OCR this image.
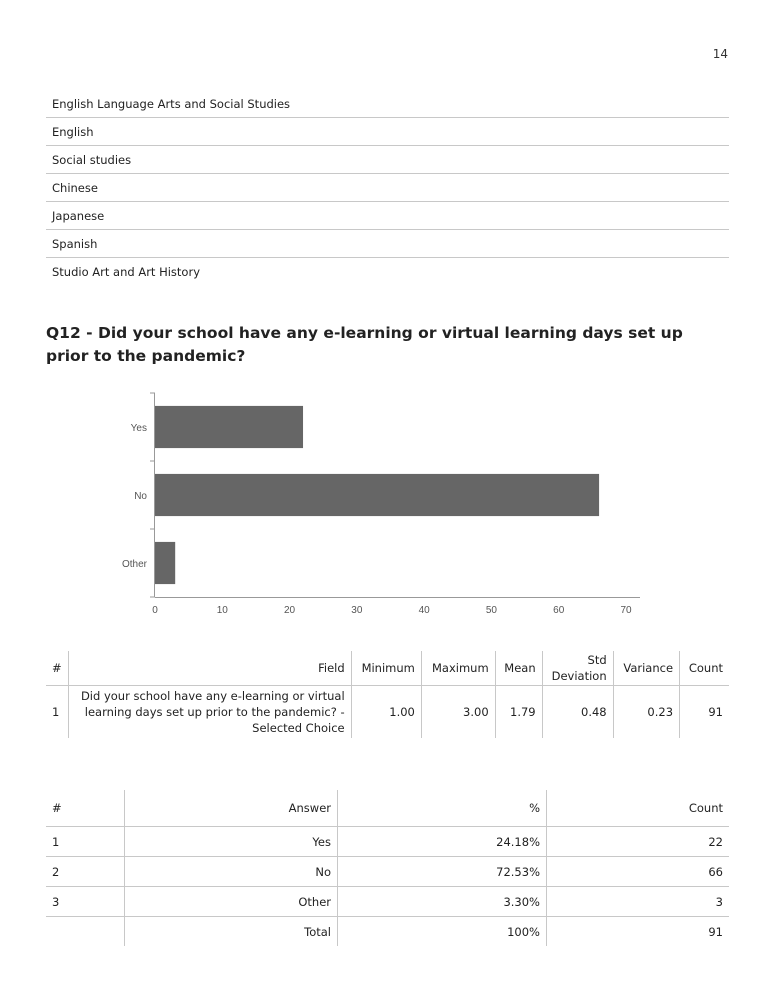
14
English Language Arts and Social Studies
English
Social studies
Chinese
Japanese
Spanish
Studio Art and Art History
Q12 - Did your school have any e-learning or virtual learning days set up prior to the pandemic?
Yes
No
Other
0	10	20	30	40	50	60	70
#	Field	Minimum	Maximum	Mean	Std Deviation	Variance	Count
1	Did your school have any e-learning or virtual learning days set up prior to the pandemic? - Selected Choice	1.00	3.00	1.79	0.48	0.23	91
#	Answer	%	Count
1	Yes	24.18%	22
2	No	72.53%	66
3	Other	3.30%	3
	Total	100%	91
